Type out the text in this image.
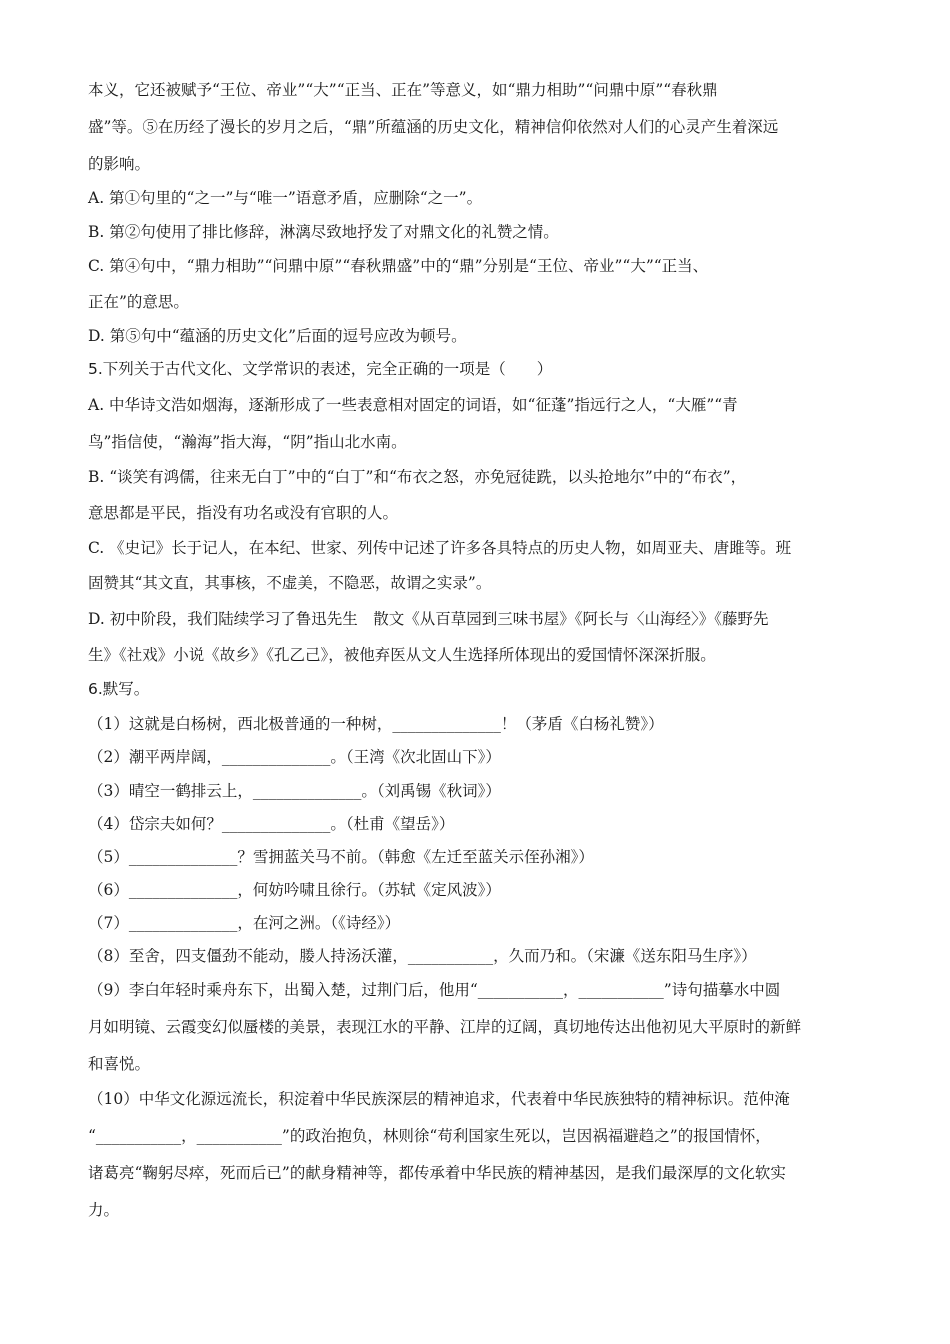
本义，它还被赋予“王位、帝业”“大”“正当、正在”等意义，如“鼎力相助”“问鼎中原”“春秋鼎
盛”等。⑤在历经了漫长的岁月之后，“鼎”所蕴涵的历史文化，精神信仰依然对人们的心灵产生着深远
的影响。
A. 第①句里的“之一”与“唯一”语意矛盾，应删除“之一”。
B. 第②句使用了排比修辞，淋漓尽致地抒发了对鼎文化的礼赞之情。
C. 第④句中，“鼎力相助”“问鼎中原”“春秋鼎盛”中的“鼎”分别是“王位、帝业”“大”“正当、
正在”的意思。
D. 第⑤句中“蕴涵的历史文化”后面的逗号应改为顿号。
5.下列关于古代文化、文学常识的表述，完全正确的一项是（　　）
A. 中华诗文浩如烟海，逐渐形成了一些表意相对固定的词语，如“征蓬”指远行之人，“大雁”“青
鸟”指信使，“瀚海”指大海，“阴”指山北水南。
B. “谈笑有鸿儒，往来无白丁”中的“白丁”和“布衣之怒，亦免冠徒跣，以头抢地尔”中的“布衣”，
意思都是平民，指没有功名或没有官职的人。
C. 《史记》长于记人，在本纪、世家、列传中记述了许多各具特点的历史人物，如周亚夫、唐雎等。班
固赞其“其文直，其事核，不虚美，不隐恶，故谓之实录”。
D. 初中阶段，我们陆续学习了鲁迅先生　散文《从百草园到三味书屋》《阿长与〈山海经〉》《藤野先
生》《社戏》小说《故乡》《孔乙己》，被他弃医从文人生选择所体现出的爱国情怀深深折服。
6.默写。
（1）这就是白杨树，西北极普通的一种树，______________！（茅盾《白杨礼赞》）
（2）潮平两岸阔，______________。（王湾《次北固山下》）
（3）晴空一鹤排云上，______________。（刘禹锡《秋词》）
（4）岱宗夫如何？______________。（杜甫《望岳》）
（5）______________？雪拥蓝关马不前。（韩愈《左迁至蓝关示侄孙湘》）
（6）______________，何妨吟啸且徐行。（苏轼《定风波》）
（7）______________，在河之洲。（《诗经》）
（8）至舍，四支僵劲不能动，媵人持汤沃灌，___________，久而乃和。（宋濂《送东阳马生序》）
（9）李白年轻时乘舟东下，出蜀入楚，过荆门后，他用“___________，___________”诗句描摹水中圆
月如明镜、云霞变幻似蜃楼的美景，表现江水的平静、江岸的辽阔，真切地传达出他初见大平原时的新鲜
和喜悦。
（10）中华文化源远流长，积淀着中华民族深层的精神追求，代表着中华民族独特的精神标识。范仲淹
“___________，___________”的政治抱负，林则徐“苟利国家生死以，岂因祸福避趋之”的报国情怀，
诸葛亮“鞠躬尽瘁，死而后已”的献身精神等，都传承着中华民族的精神基因，是我们最深厚的文化软实
力。
